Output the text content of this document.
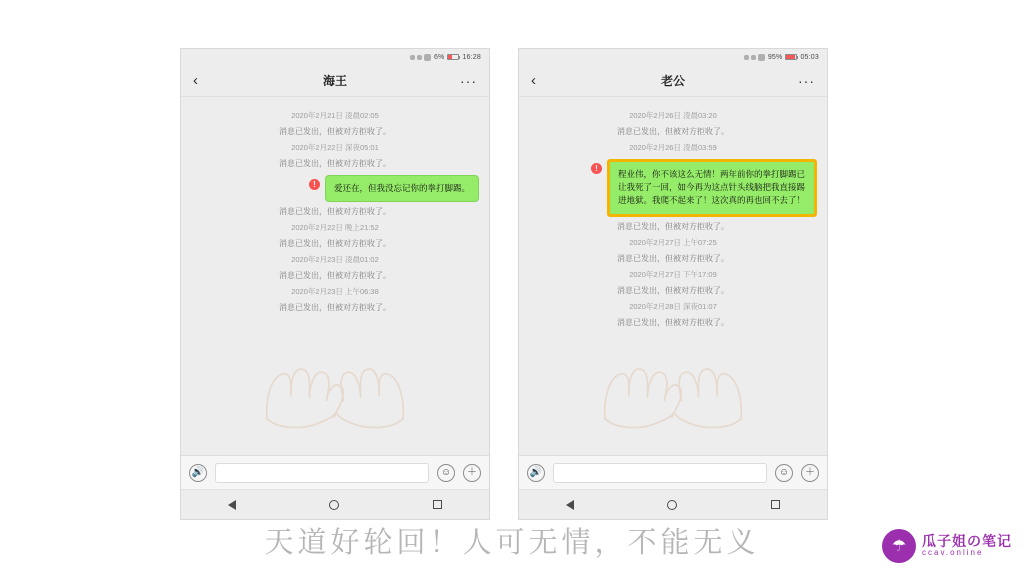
6%	16:28
‹	海王	···
2020年2月21日 凌晨02:05
消息已发出，但被对方拒收了。
2020年2月22日 深夜05:01
消息已发出，但被对方拒收了。
!	爱还在，但我没忘记你的拳打脚踢。
消息已发出，但被对方拒收了。
2020年2月22日 晚上21:52
消息已发出，但被对方拒收了。
2020年2月23日 凌晨01:02
消息已发出，但被对方拒收了。
2020年2月23日 上午06:38
消息已发出，但被对方拒收了。
🔊	☺	＋
95%	05:03
‹	老公	···
2020年2月26日 凌晨03:20
消息已发出，但被对方拒收了。
2020年2月26日 凌晨03:59
!
程业伟，你不该这么无情！两年前你的拳打脚踢已让我死了一回，如今再为这点针头线脑把我直接踢进地狱。我爬不起来了！这次真的再也回不去了！
消息已发出，但被对方拒收了。
2020年2月27日 上午07:25
消息已发出，但被对方拒收了。
2020年2月27日 下午17:09
消息已发出，但被对方拒收了。
2020年2月28日 深夜01:07
消息已发出，但被对方拒收了。
🔊	☺	＋
天道好轮回！人可无情，不能无义	☂	瓜子姐の笔记
ccav.online
